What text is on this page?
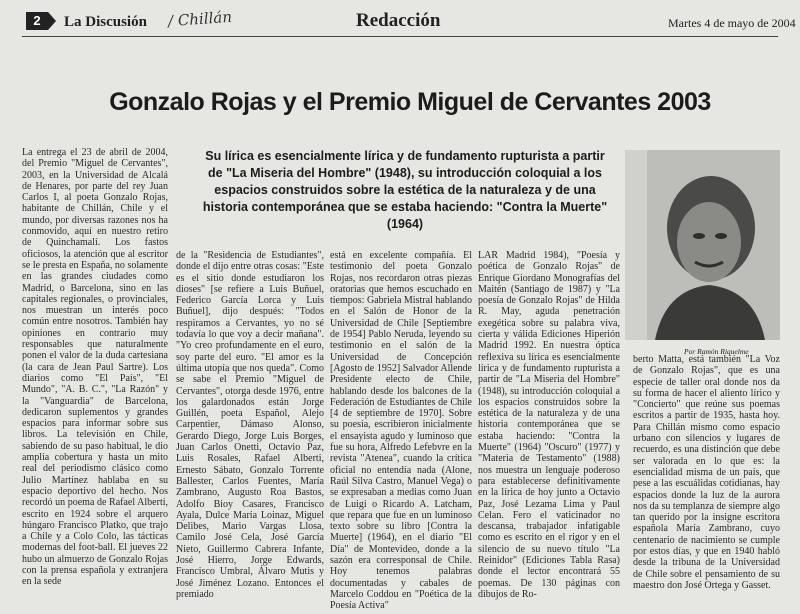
2	La Discusión / Chillán	Redacción	Martes 4 de mayo de 2004
Gonzalo Rojas y el Premio Miguel de Cervantes 2003
Su lírica es esencialmente lírica y de fundamento rupturista a partir de "La Miseria del Hombre" (1948), su introducción coloquial a los espacios construidos sobre la estética de la naturaleza y de una historia contemporánea que se estaba haciendo: "Contra la Muerte" (1964)
Por Ramón Riquelme

La entrega el 23 de abril de 2004, del Premio "Miguel de Cervantes", 2003, en la Universidad de Alcalá de Henares, por parte del rey Juan Carlos I, al poeta Gonzalo Rojas, habitante de Chillán, Chile y el mundo, por diversas razones nos ha conmovido, aquí en nuestro retiro de Quinchamalí. Los fastos oficiosos, la atención que al escritor se le presta en España, no solamente en las grandes ciudades como Madrid, o Barcelona, sino en las capitales regionales, o provinciales, nos muestran un interés poco común entre nosotros. También hay opiniones en contrario muy responsables que naturalmente ponen el valor de la duda cartesiana (la cara de Jean Paul Sartre). Los diarios como "El País", "El Mundo", "A. B. C.", "La Razón" y la "Vanguardia" de Barcelona, dedicaron suplementos y grandes espacios para informar sobre sus libros. La televisión en Chile, sabiendo de su paso habitual, le dio amplia cobertura y hasta un mito real del periodismo clásico como Julio Martínez hablaba en su espacio deportivo del hecho. Nos recordó un poema de Rafael Alberti, escrito en 1924 sobre el arquero húngaro Francisco Platko, que trajo a Chile y a Colo Colo, las tácticas modernas del foot-ball. El jueves 22 hubo un almuerzo de Gonzalo Rojas con la prensa española y extranjera en la sede

de la "Residencia de Estudiantes", donde el dijo entre otras cosas: "Este es el sitio donde estudiaron los dioses" [se refiere a Luis Buñuel, Federico García Lorca y Luis Buñuel], dijo después: "Todos respiramos a Cervantes, yo no sé todavía lo que voy a decir mañana". "Yo creo profundamente en el euro, soy parte del euro. "El amor es la última utopía que nos queda". Como se sabe el Premio "Miguel de Cervantes", otorga desde 1976, entre los galardonados están Jorge Guillén, poeta Español, Alejo Carpentier, Dámaso Alonso, Gerardo Diego, Jorge Luis Borges, Juan Carlos Onetti, Octavio Paz, Luis Rosales, Rafael Alberti, Ernesto Sábato, Gonzalo Torrente Ballester, Carlos Fuentes, María Zambrano, Augusto Roa Bastos, Adolfo Bioy Casares, Francisco Ayala, Dulce María Loinaz, Miguel Delibes, Mario Vargas Llosa, Camilo José Cela, José García Nieto, Guillermo Cabrera Infante, José Hierro, Jorge Edwards, Francisco Umbral, Álvaro Mutis y José Jiménez Lozano. Entonces el premiado

está en excelente compañía. El testimonio del poeta Gonzalo Rojas, nos recordaron otras piezas oratorias que hemos escuchado en tiempos: Gabriela Mistral hablando en el Salón de Honor de la Universidad de Chile [Septiembre de 1954] Pablo Neruda, leyendo su testimonio en el salón de la Universidad de Concepción [Agosto de 1952] Salvador Allende Presidente electo de Chile, hablando desde los balcones de la Federación de Estudiantes de Chile [4 de septiembre de 1970]. Sobre su poesía, escribieron inicialmente el ensayista agudo y luminoso que fue su hora, Alfredo Lefebvre en la revista "Atenea", cuando la crítica oficial no entendía nada (Alone, Raúl Silva Castro, Manuel Vega) o se expresaban a medias como Juan de Luigi o Ricardo A. Latcham, que repara que fue en un luminoso texto sobre su libro [Contra la Muerte] (1964), en el diario "El Día" de Montevideo, donde a la sazón era corresponsal de Chile. Hoy tenemos palabras documentadas y cabales de Marcelo Coddou en "Poética de la Poesía Activa"

LAR Madrid 1984), "Poesía y poética de Gonzalo Rojas" de Enrique Giordano Monografías del Maitén (Santiago de 1987) y "La poesía de Gonzalo Rojas" de Hilda R. May, aguda penetración exegética sobre su palabra viva, cierta y válida Ediciones Hiperión Madrid 1992. En nuestra óptica reflexiva su lírica es esencialmente lírica y de fundamento rupturista a partir de "La Miseria del Hombre" (1948), su introducción coloquial a los espacios construidos sobre la estética de la naturaleza y de una historia contemporánea que se estaba haciendo: "Contra la Muerte" (1964) "Oscuro" (1977) y "Materia de Testamento" (1988) nos muestra un lenguaje poderoso para establecerse definitivamente en la lírica de hoy junto a Octavio Paz, José Lezama Lima y Paul Celan. Fero el vaticinador no descansa, trabajador infatigable como es escrito en el rigor y en el silencio de su nuevo título "La Reinidor" (Ediciones Tabla Rasa) donde el lector encontrará 55 poemas. De 130 páginas con dibujos de Ro-

berto Matta, está también "La Voz de Gonzalo Rojas", que es una especie de taller oral donde nos da su forma de hacer el aliento lírico y "Concierto" que reúne sus poemas escritos a partir de 1935, hasta hoy. Para Chillán mismo como espacio urbano con silencios y lugares de recuerdo, es una distinción que debe ser valorada en lo que es: la esencialidad misma de un país, que pese a las escuálidas cotidianas, hay espacios donde la luz de la aurora nos da su templanza de siempre algo tan querido por la insigne escritora española María Zambrano, cuyo centenario de nacimiento se cumple por estos días, y que en 1940 habló desde la tribuna de la Universidad de Chile sobre el pensamiento de su maestro don José Ortega y Gasset.
